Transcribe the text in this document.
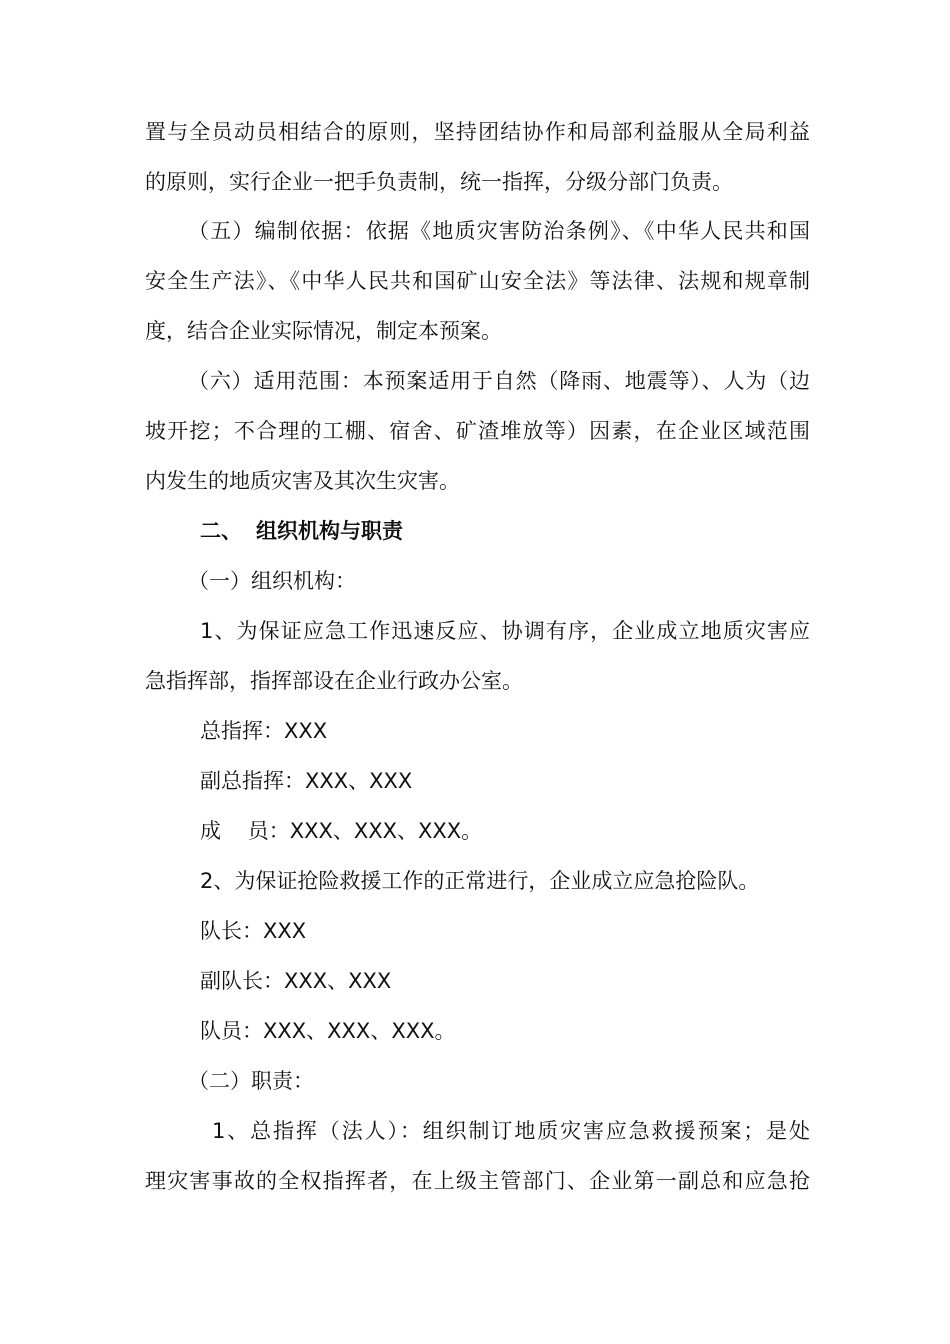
置与全员动员相结合的原则，坚持团结协作和局部利益服从全局利益
的原则，实行企业一把手负责制，统一指挥，分级分部门负责。
（五）编制依据：依据《地质灾害防治条例》、《中华人民共和国
安全生产法》、《中华人民共和国矿山安全法》等法律、法规和规章制
度，结合企业实际情况，制定本预案。
（六）适用范围：本预案适用于自然（降雨、地震等）、人为（边
坡开挖；不合理的工棚、宿舍、矿渣堆放等）因素，在企业区域范围
内发生的地质灾害及其次生灾害。
二、 组织机构与职责
（一）组织机构：
1、为保证应急工作迅速反应、协调有序，企业成立地质灾害应
急指挥部，指挥部设在企业行政办公室。
总指挥：XXX
副总指挥：XXX、XXX
成    员：XXX、XXX、XXX。
2、为保证抢险救援工作的正常进行，企业成立应急抢险队。
队长：XXX
副队长：XXX、XXX
队员：XXX、XXX、XXX。
（二）职责：
1、总指挥（法人）：组织制订地质灾害应急救援预案；是处
理灾害事故的全权指挥者，在上级主管部门、企业第一副总和应急抢
